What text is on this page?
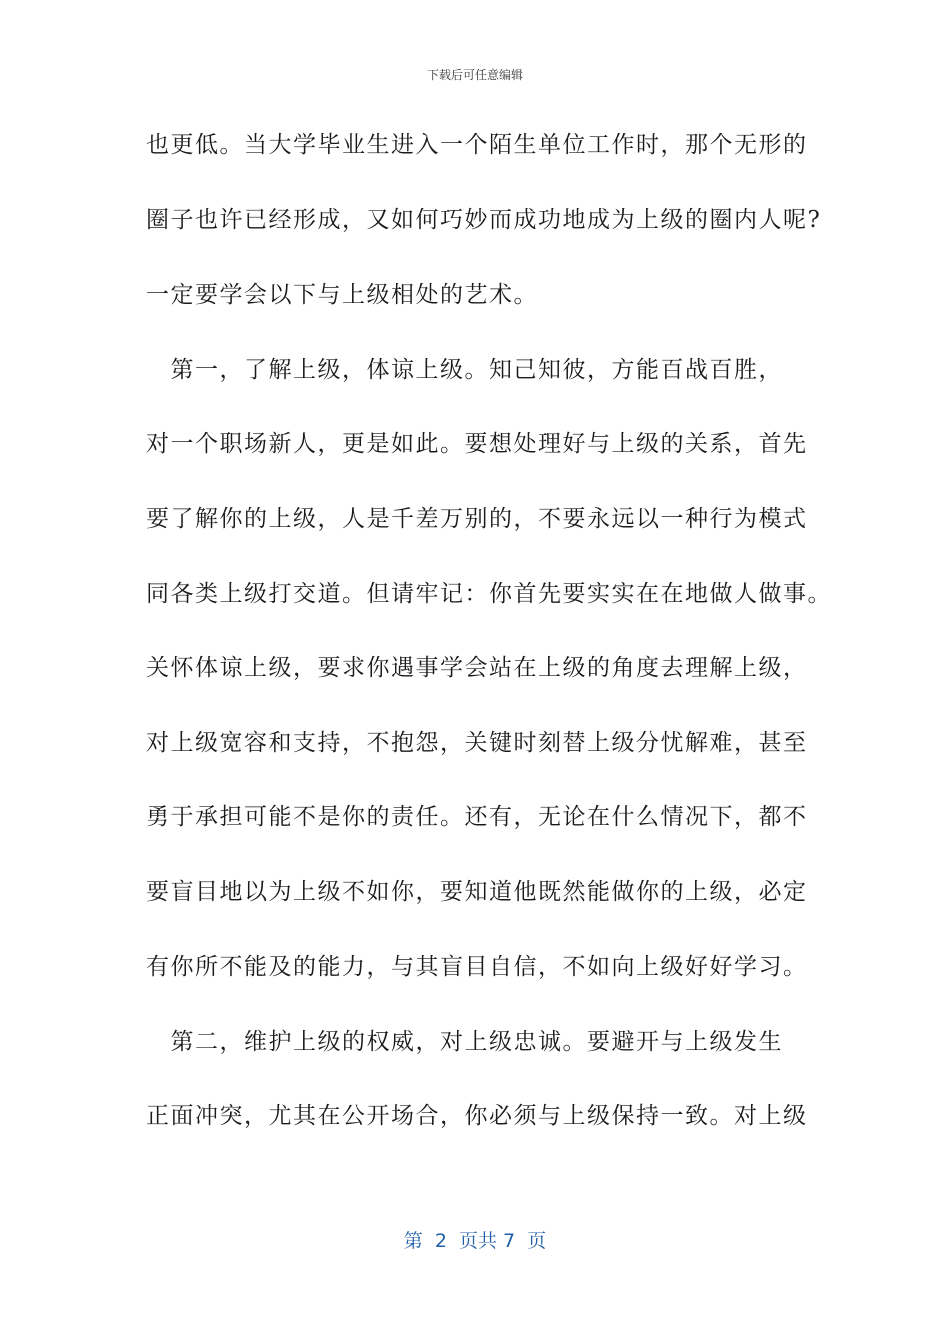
下载后可任意编辑
也更低。当大学毕业生进入一个陌生单位工作时，那个无形的
圈子也许已经形成，又如何巧妙而成功地成为上级的圈内人呢?
一定要学会以下与上级相处的艺术。
　第一，了解上级，体谅上级。知己知彼，方能百战百胜，
对一个职场新人，更是如此。要想处理好与上级的关系，首先
要了解你的上级，人是千差万别的，不要永远以一种行为模式
同各类上级打交道。但请牢记：你首先要实实在在地做人做事。
关怀体谅上级，要求你遇事学会站在上级的角度去理解上级，
对上级宽容和支持，不抱怨，关键时刻替上级分忧解难，甚至
勇于承担可能不是你的责任。还有，无论在什么情况下，都不
要盲目地以为上级不如你，要知道他既然能做你的上级，必定
有你所不能及的能力，与其盲目自信，不如向上级好好学习。
　第二，维护上级的权威，对上级忠诚。要避开与上级发生
正面冲突，尤其在公开场合，你必须与上级保持一致。对上级
第  2  页共 7  页
